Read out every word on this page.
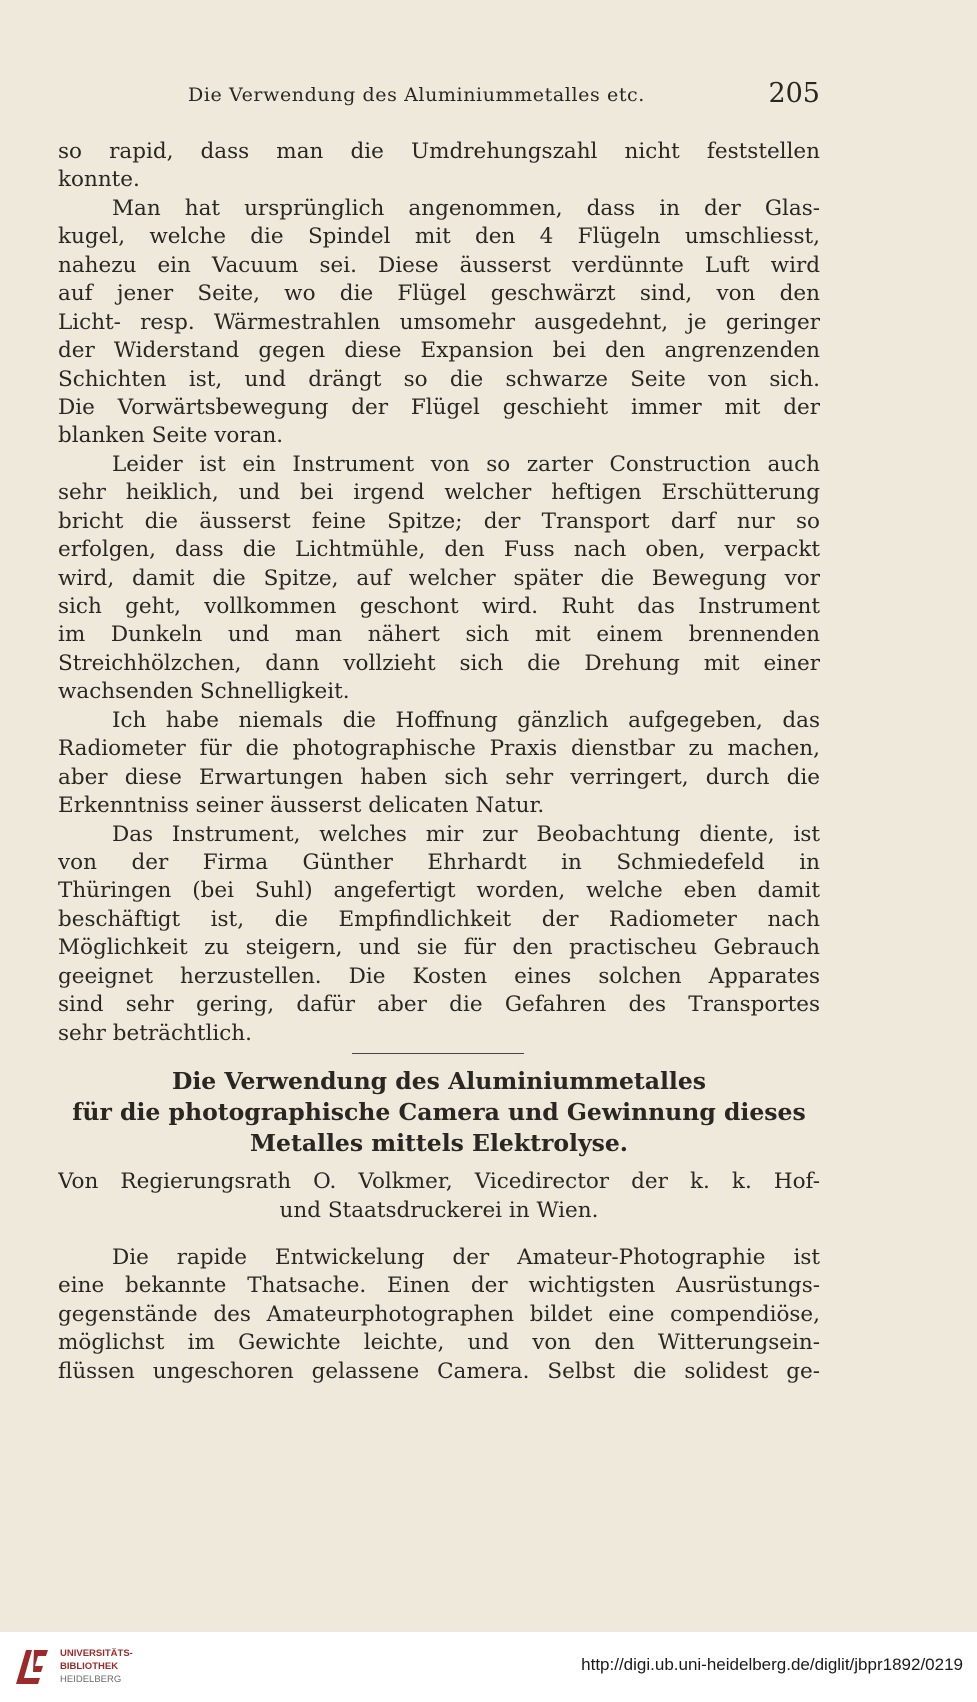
Die Verwendung des Aluminiummetalles etc.	205
so rapid, dass man die Umdrehungszahl nicht feststellen
konnte.
Man hat ursprünglich angenommen, dass in der Glas-
kugel, welche die Spindel mit den 4 Flügeln umschliesst,
nahezu ein Vacuum sei. Diese äusserst verdünnte Luft wird
auf jener Seite, wo die Flügel geschwärzt sind, von den
Licht- resp. Wärmestrahlen umsomehr ausgedehnt, je geringer
der Widerstand gegen diese Expansion bei den angrenzenden
Schichten ist, und drängt so die schwarze Seite von sich.
Die Vorwärtsbewegung der Flügel geschieht immer mit der
blanken Seite voran.
Leider ist ein Instrument von so zarter Construction auch
sehr heiklich, und bei irgend welcher heftigen Erschütterung
bricht die äusserst feine Spitze; der Transport darf nur so
erfolgen, dass die Lichtmühle, den Fuss nach oben, verpackt
wird, damit die Spitze, auf welcher später die Bewegung vor
sich geht, vollkommen geschont wird. Ruht das Instrument
im Dunkeln und man nähert sich mit einem brennenden
Streichhölzchen, dann vollzieht sich die Drehung mit einer
wachsenden Schnelligkeit.
Ich habe niemals die Hoffnung gänzlich aufgegeben, das
Radiometer für die photographische Praxis dienstbar zu machen,
aber diese Erwartungen haben sich sehr verringert, durch die
Erkenntniss seiner äusserst delicaten Natur.
Das Instrument, welches mir zur Beobachtung diente, ist
von der Firma Günther Ehrhardt in Schmiedefeld in
Thüringen (bei Suhl) angefertigt worden, welche eben damit
beschäftigt ist, die Empfindlichkeit der Radiometer nach
Möglichkeit zu steigern, und sie für den practischeu Gebrauch
geeignet herzustellen. Die Kosten eines solchen Apparates
sind sehr gering, dafür aber die Gefahren des Transportes
sehr beträchtlich.
Die Verwendung des Aluminiummetalles
für die photographische Camera und Gewinnung dieses
Metalles mittels Elektrolyse.
Von Regierungsrath O. Volkmer, Vicedirector der k. k. Hof-
und Staatsdruckerei in Wien.
Die rapide Entwickelung der Amateur-Photographie ist
eine bekannte Thatsache. Einen der wichtigsten Ausrüstungs-
gegenstände des Amateurphotographen bildet eine compendiöse,
möglichst im Gewichte leichte, und von den Witterungsein-
flüssen ungeschoren gelassene Camera. Selbst die solidest ge-
UNIVERSITÄTS-
BIBLIOTHEK
HEIDELBERG
http://digi.ub.uni-heidelberg.de/diglit/jbpr1892/0219
